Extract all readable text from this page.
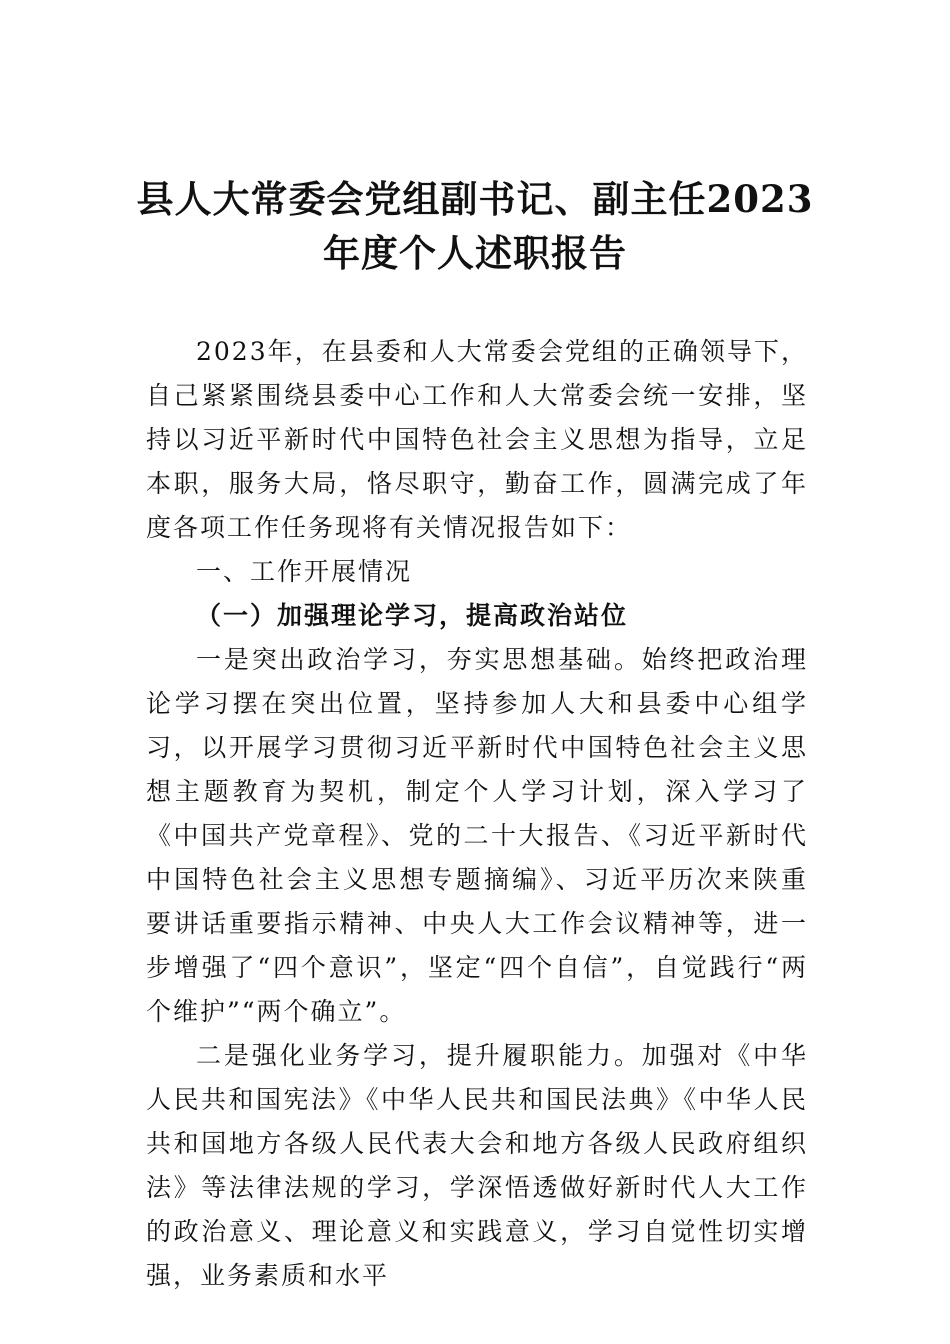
县人大常委会党组副书记、副主任2023年度个人述职报告

2023年，在县委和人大常委会党组的正确领导下，自己紧紧围绕县委中心工作和人大常委会统一安排，坚持以习近平新时代中国特色社会主义思想为指导，立足本职，服务大局，恪尽职守，勤奋工作，圆满完成了年度各项工作任务现将有关情况报告如下：

一、工作开展情况

（一）加强理论学习，提高政治站位

一是突出政治学习，夯实思想基础。始终把政治理论学习摆在突出位置，坚持参加人大和县委中心组学习，以开展学习贯彻习近平新时代中国特色社会主义思想主题教育为契机，制定个人学习计划，深入学习了《中国共产党章程》、党的二十大报告、《习近平新时代中国特色社会主义思想专题摘编》、习近平历次来陕重要讲话重要指示精神、中央人大工作会议精神等，进一步增强了“四个意识”，坚定“四个自信”，自觉践行“两个维护”“两个确立”。

二是强化业务学习，提升履职能力。加强对《中华人民共和国宪法》《中华人民共和国民法典》《中华人民共和国地方各级人民代表大会和地方各级人民政府组织法》等法律法规的学习，学深悟透做好新时代人大工作的政治意义、理论意义和实践意义，学习自觉性切实增强，业务素质和水平
